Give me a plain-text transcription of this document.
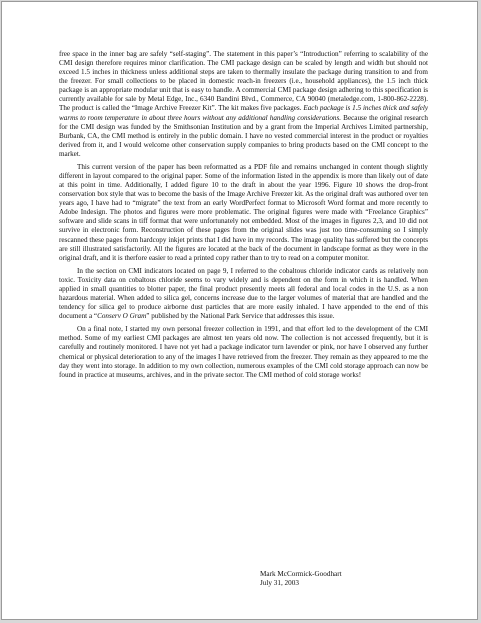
free space in the inner bag are safely “self-staging”. The statement in this paper’s “Introduction” referring to scalability of the CMI design therefore requires minor clarification. The CMI package design can be scaled by length and width but should not exceed 1.5 inches in thickness unless additional steps are taken to thermally insulate the package during transition to and from the freezer. For small collections to be placed in domestic reach-in freezers (i.e., household appliances), the 1.5 inch thick package is an appropriate modular unit that is easy to handle. A commercial CMI package design adhering to this specification is currently available for sale by Metal Edge, Inc., 6340 Bandini Blvd., Commerce, CA 90040 (metaledge.com, 1-800-862-2228). The product is called the “Image Archive Freezer Kit”. The kit makes five packages. Each package is 1.5 inches thick and safely warms to room temperature in about three hours without any additional handling considerations. Because the original research for the CMI design was funded by the Smithsonian Institution and by a grant from the Imperial Archives Limited partnership, Burbank, CA, the CMI method is entirely in the public domain. I have no vested commercial interest in the product or royalties derived from it, and I would welcome other conservation supply companies to bring products based on the CMI concept to the market.

This current version of the paper has been reformatted as a PDF file and remains unchanged in content though slightly different in layout compared to the original paper. Some of the information listed in the appendix is more than likely out of date at this point in time. Additionally, I added figure 10 to the draft in about the year 1996. Figure 10 shows the drop-front conservation box style that was to become the basis of the Image Archive Freezer kit. As the original draft was authored over ten years ago, I have had to “migrate” the text from an early WordPerfect format to Microsoft Word format and more recently to Adobe Indesign. The photos and figures were more problematic. The original figures were made with “Freelance Graphics” software and slide scans in tiff format that were unfortunately not embedded. Most of the images in figures 2,3, and 10 did not survive in electronic form. Reconstruction of these pages from the original slides was just too time-consuming so I simply rescanned these pages from hardcopy inkjet prints that I did have in my records. The image quality has suffered but the concepts are still illustrated satisfactorily. All the figures are located at the back of the document in landscape format as they were in the original draft, and it is therfore easier to read a printed copy rather than to try to read on a computer monitor.

In the section on CMI indicators located on page 9, I referred to the cobaltous chloride indicator cards as relatively non toxic. Toxicity data on cobaltous chloride seems to vary widely and is dependent on the form in which it is handled. When applied in small quantities to blotter paper, the final product presently meets all federal and local codes in the U.S. as a non hazardous material. When added to silica gel, concerns increase due to the larger volumes of material that are handled and the tendency for silica gel to produce airborne dust particles that are more easily inhaled. I have appended to the end of this document a “Conserv O Gram” published by the National Park Service that addresses this issue.

On a final note, I started my own personal freezer collection in 1991, and that effort led to the development of the CMI method. Some of my earliest CMI packages are almost ten years old now. The collection is not accessed frequently, but it is carefully and routinely monitored. I have not yet had a package indicator turn lavender or pink, nor have I observed any further chemical or physical deterioration to any of the images I have retrieved from the freezer. They remain as they appeared to me the day they went into storage. In addition to my own collection, numerous examples of the CMI cold storage approach can now be found in practice at museums, archives, and in the private sector. The CMI method of cold storage works!

Mark McCormick-Goodhart
July 31, 2003
